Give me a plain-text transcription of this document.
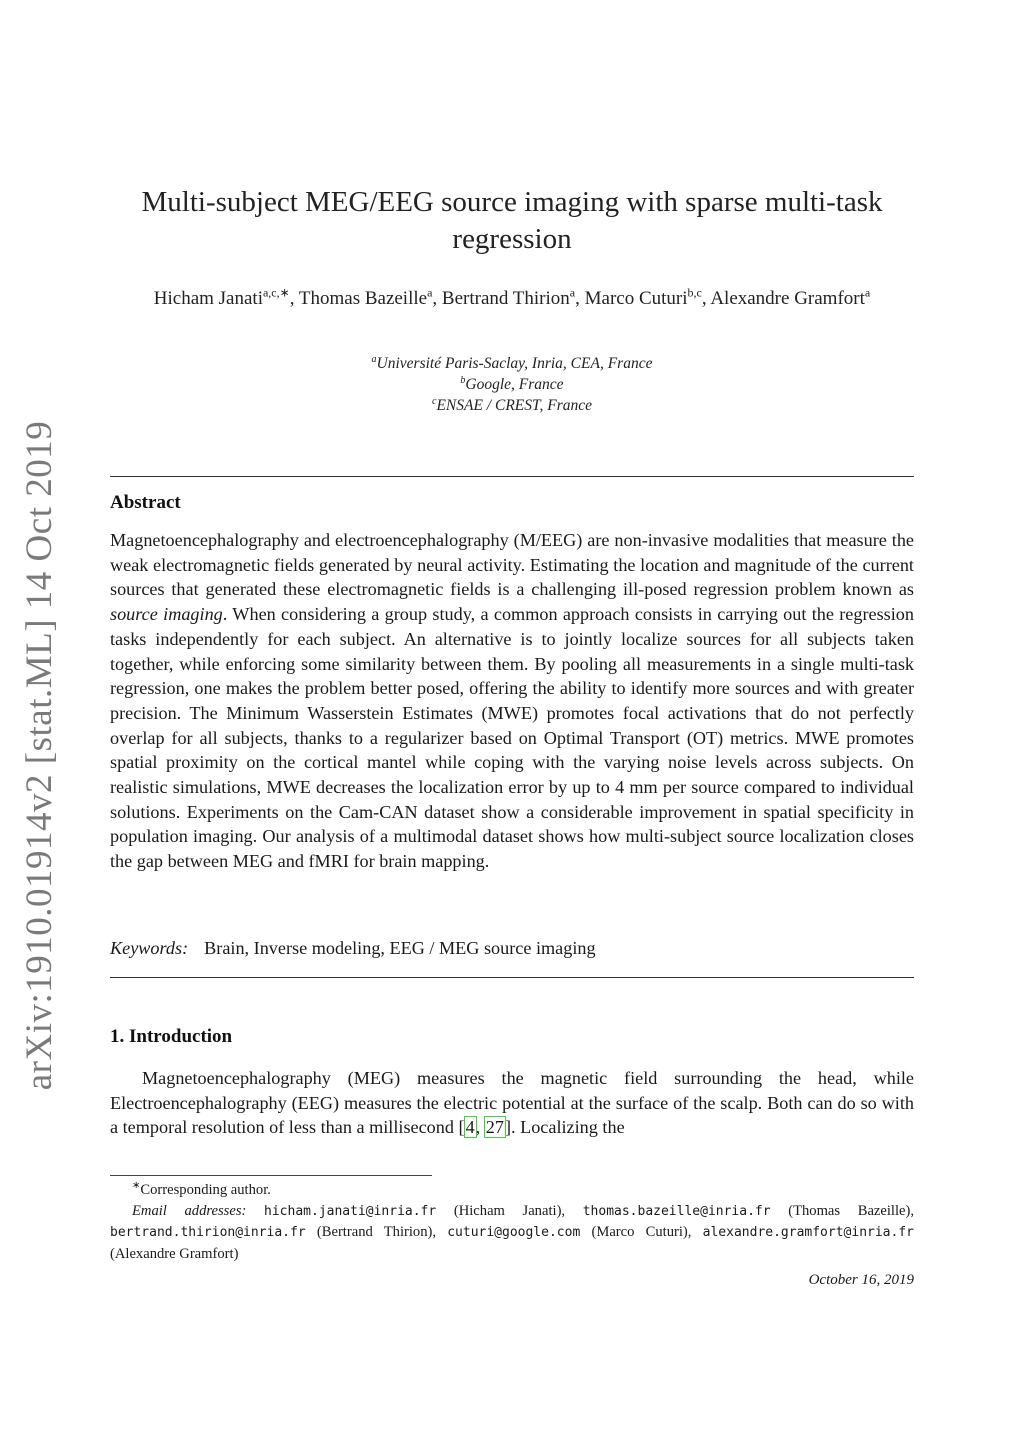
arXiv:1910.01914v2 [stat.ML] 14 Oct 2019
Multi-subject MEG/EEG source imaging with sparse multi-task
regression
Hicham Janati$^{a,c,∗}$, Thomas Bazeille$^a$, Bertrand Thirion$^a$, Marco Cuturi$^{b,c}$, Alexandre Gramfort$^a$
$^a$Université Paris-Saclay, Inria, CEA, France
$^b$Google, France
$^c$ENSAE / CREST, France
Abstract
Magnetoencephalography and electroencephalography (M/EEG) are non-invasive modalities that measure the weak electromagnetic fields generated by neural activity. Estimating the location and magnitude of the current sources that generated these electromagnetic fields is a challenging ill-posed regression problem known as source imaging. When considering a group study, a common approach consists in carrying out the regression tasks independently for each subject. An alternative is to jointly localize sources for all subjects taken together, while enforcing some similarity between them. By pooling all measurements in a single multi-task regression, one makes the problem better posed, offering the ability to identify more sources and with greater precision. The Minimum Wasserstein Estimates (MWE) promotes focal activations that do not perfectly overlap for all subjects, thanks to a regularizer based on Optimal Transport (OT) metrics. MWE promotes spatial proximity on the cortical mantel while coping with the varying noise levels across subjects. On realistic simulations, MWE decreases the localization error by up to 4 mm per source compared to individual solutions. Experiments on the Cam-CAN dataset show a considerable improvement in spatial specificity in population imaging. Our analysis of a multimodal dataset shows how multi-subject source localization closes the gap between MEG and fMRI for brain mapping.
Keywords: Brain, Inverse modeling, EEG / MEG source imaging
1. Introduction
Magnetoencephalography (MEG) measures the magnetic field surrounding the head, while Electroencephalography (EEG) measures the electric potential at the surface of the scalp. Both can do so with a temporal resolution of less than a millisecond [4, 27]. Localizing the
∗Corresponding author.
Email addresses: hicham.janati@inria.fr (Hicham Janati), thomas.bazeille@inria.fr (Thomas Bazeille), bertrand.thirion@inria.fr (Bertrand Thirion), cuturi@google.com (Marco Cuturi), alexandre.gramfort@inria.fr (Alexandre Gramfort)
October 16, 2019
